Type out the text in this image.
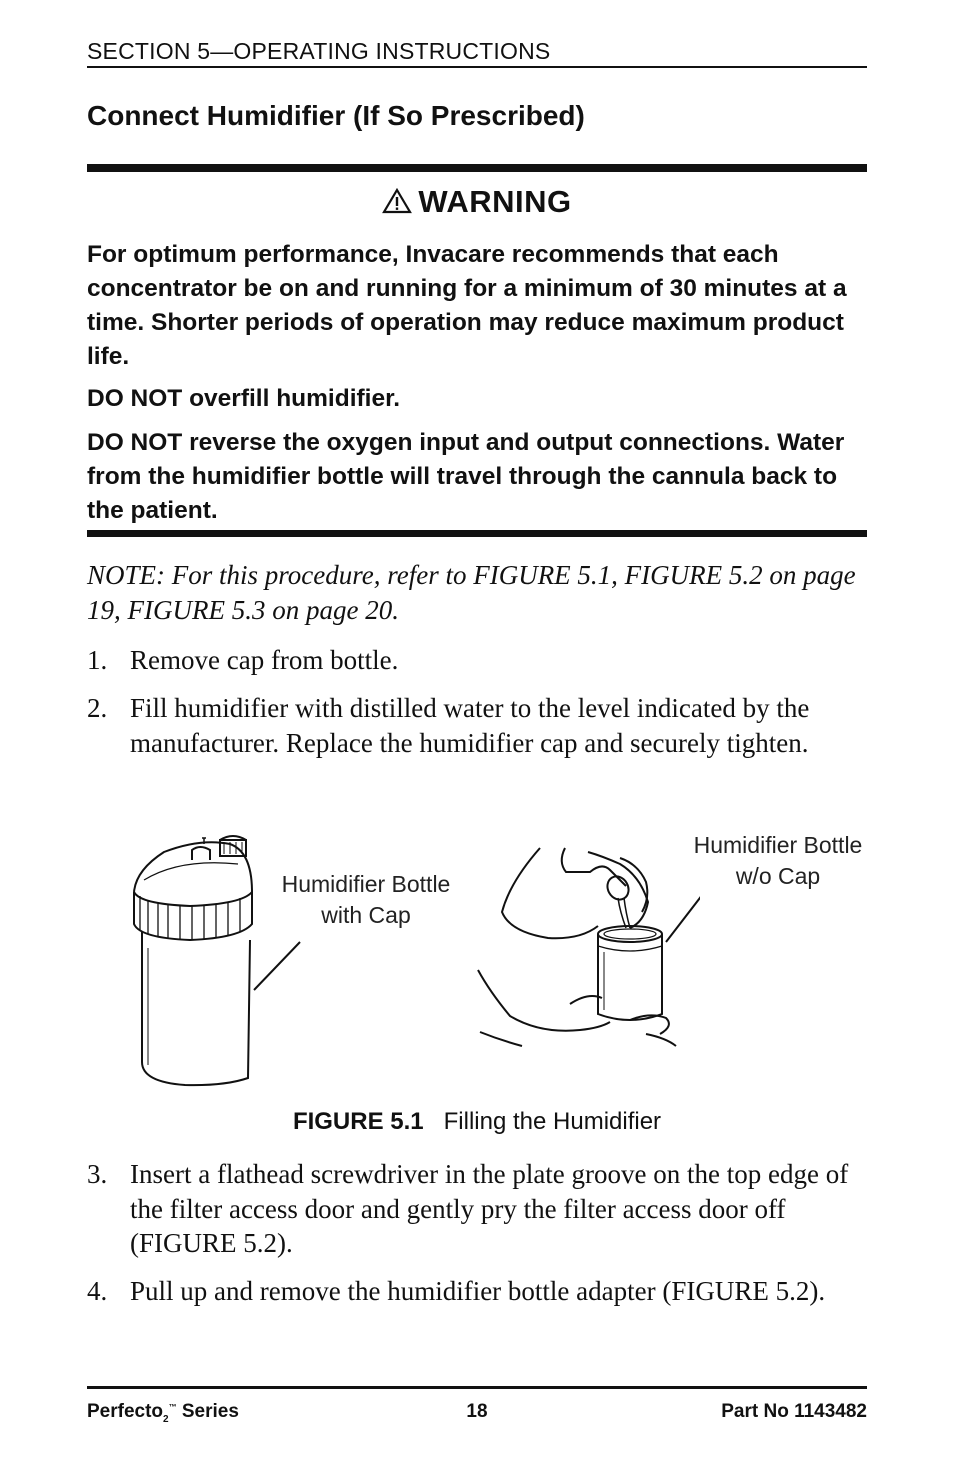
SECTION 5—OPERATING INSTRUCTIONS
Connect Humidifier (If So Prescribed)
WARNING

For optimum performance, Invacare recommends that each concentrator be on and running for a minimum of 30 minutes at a time. Shorter periods of operation may reduce maximum product life.

DO NOT overfill humidifier.

DO NOT reverse the oxygen input and output connections. Water from the humidifier bottle will travel through the cannula back to the patient.

NOTE: For this procedure, refer to FIGURE 5.1, FIGURE 5.2 on page 19, FIGURE 5.3 on page 20.

1. Remove cap from bottle.
2. Fill humidifier with distilled water to the level indicated by the manufacturer. Replace the humidifier cap and securely tighten.
Humidifier Bottle with Cap
Humidifier Bottle w/o Cap
FIGURE 5.1 Filling the Humidifier
3. Insert a flathead screwdriver in the plate groove on the top edge of the filter access door and gently pry the filter access door off (FIGURE 5.2).
4. Pull up and remove the humidifier bottle adapter (FIGURE 5.2).
Perfecto$_2$™ Series	18	Part No 1143482
